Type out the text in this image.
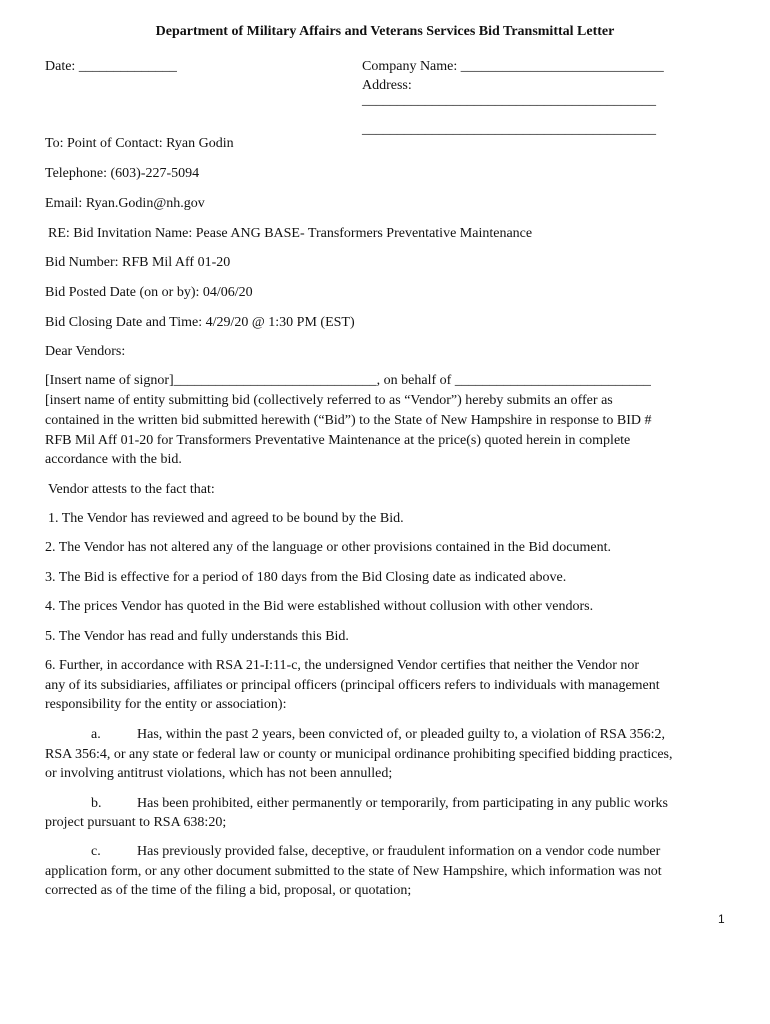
Department of Military Affairs and Veterans Services Bid Transmittal Letter
Date: ______________	Company Name: _____________________________
Address:
__________________________________________
__________________________________________
To: Point of Contact: Ryan Godin
Telephone: (603)-227-5094
Email: Ryan.Godin@nh.gov
RE: Bid Invitation Name: Pease ANG BASE- Transformers Preventative Maintenance
Bid Number: RFB Mil Aff 01-20
Bid Posted Date (on or by): 04/06/20
Bid Closing Date and Time: 4/29/20 @ 1:30 PM (EST)
Dear Vendors:
[Insert name of signor]_____________________________, on behalf of ____________________________
[insert name of entity submitting bid (collectively referred to as “Vendor”) hereby submits an offer as
contained in the written bid submitted herewith (“Bid”) to the State of New Hampshire in response to BID #
RFB Mil Aff 01-20 for Transformers Preventative Maintenance at the price(s) quoted herein in complete
accordance with the bid.
Vendor attests to the fact that:
1. The Vendor has reviewed and agreed to be bound by the Bid.
2. The Vendor has not altered any of the language or other provisions contained in the Bid document.
3. The Bid is effective for a period of 180 days from the Bid Closing date as indicated above.
4. The prices Vendor has quoted in the Bid were established without collusion with other vendors.
5. The Vendor has read and fully understands this Bid.
6. Further, in accordance with RSA 21-I:11-c, the undersigned Vendor certifies that neither the Vendor nor
any of its subsidiaries, affiliates or principal officers (principal officers refers to individuals with management
responsibility for the entity or association):
a.	Has, within the past 2 years, been convicted of, or pleaded guilty to, a violation of RSA 356:2,
RSA 356:4, or any state or federal law or county or municipal ordinance prohibiting specified bidding practices,
or involving antitrust violations, which has not been annulled;
b.	Has been prohibited, either permanently or temporarily, from participating in any public works
project pursuant to RSA 638:20;
c.	Has previously provided false, deceptive, or fraudulent information on a vendor code number
application form, or any other document submitted to the state of New Hampshire, which information was not
corrected as of the time of the filing a bid, proposal, or quotation;
1
